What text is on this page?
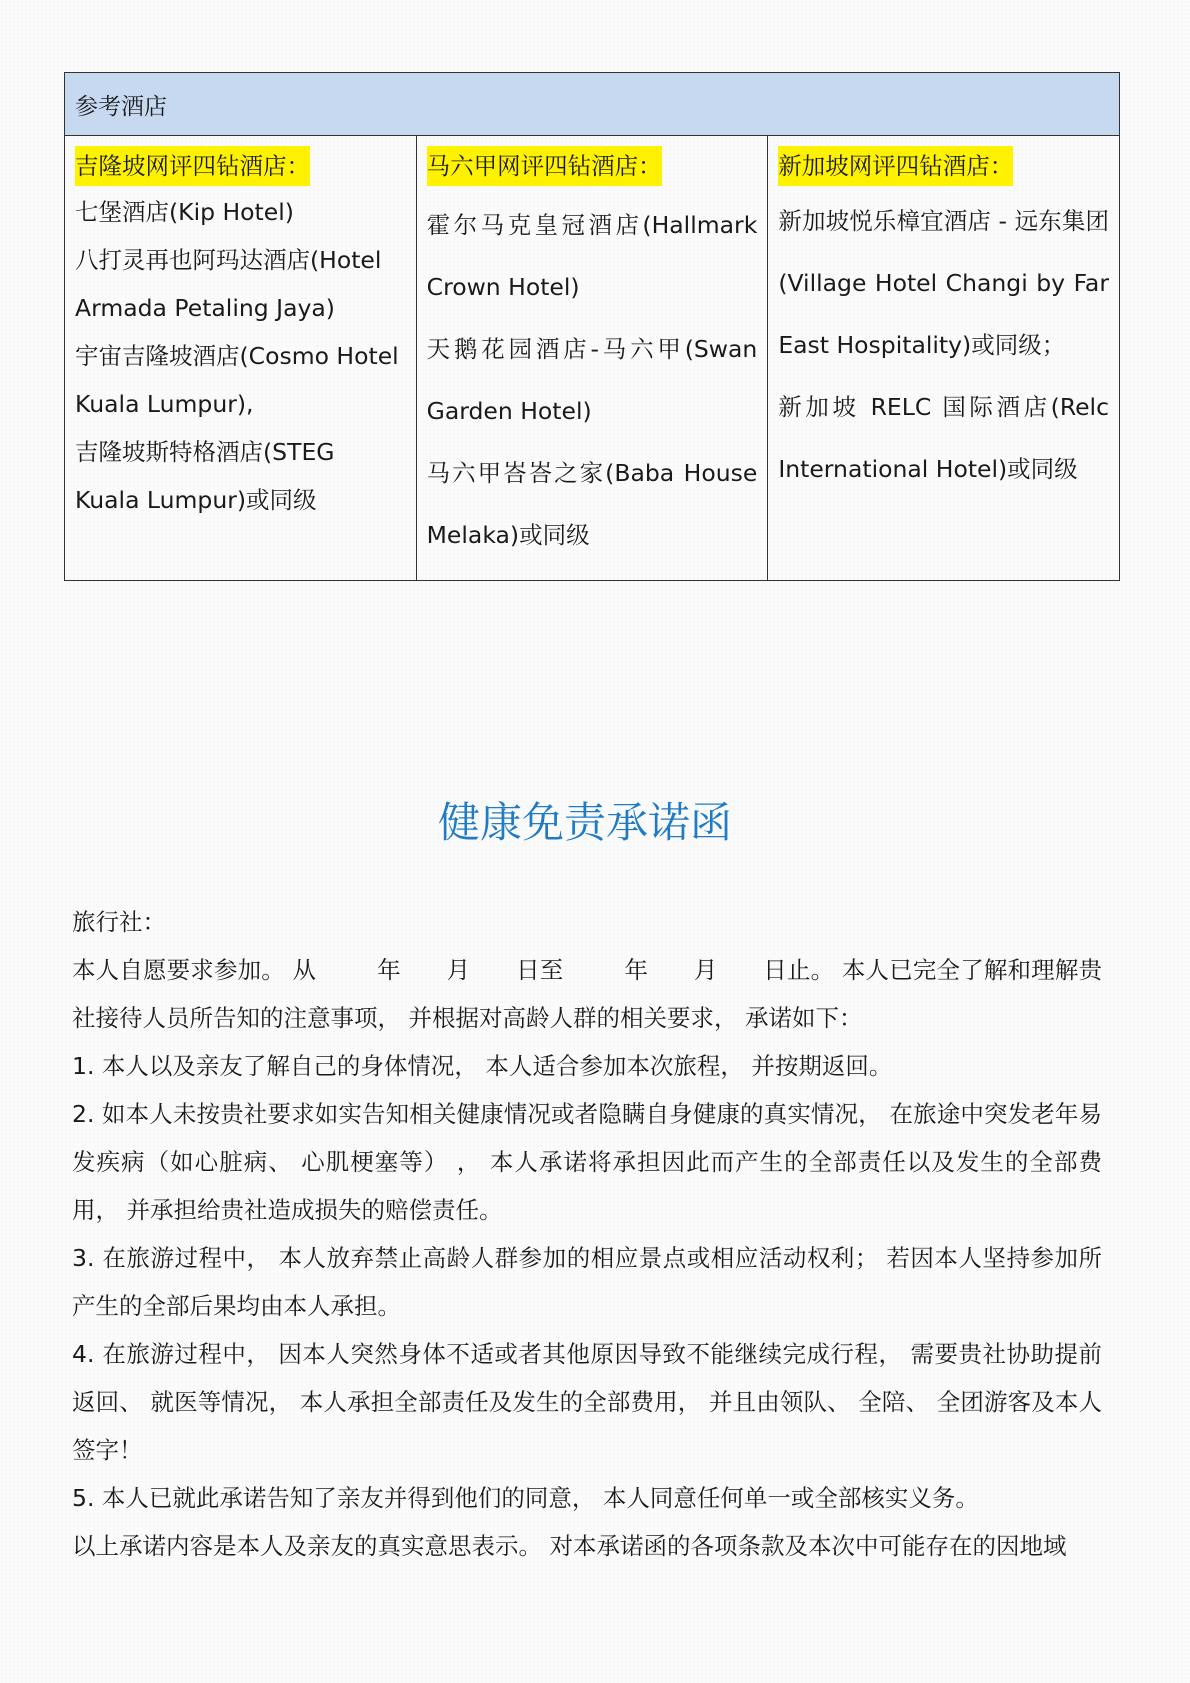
参考酒店
吉隆坡网评四钻酒店：
七堡酒店(Kip Hotel)
八打灵再也阿玛达酒店(Hotel Armada Petaling Jaya)
宇宙吉隆坡酒店(Cosmo Hotel Kuala Lumpur),
吉隆坡斯特格酒店(STEG Kuala Lumpur)或同级
	马六甲网评四钻酒店：
霍尔马克皇冠酒店(Hallmark Crown Hotel)
天鹅花园酒店-马六甲(Swan Garden Hotel)
马六甲峇峇之家(Baba House Melaka)或同级
	新加坡网评四钻酒店：
新加坡悦乐樟宜酒店 - 远东集团 (Village Hotel Changi by Far East Hospitality)或同级；
新加坡 RELC 国际酒店(Relc International Hotel)或同级
健康免责承诺函

旅行社：

本人自愿要求参加。 从        年      月      日至        年      月      日止。 本人已完全了解和理解贵社接待人员所告知的注意事项， 并根据对高龄人群的相关要求， 承诺如下：

1. 本人以及亲友了解自己的身体情况， 本人适合参加本次旅程， 并按期返回。

2. 如本人未按贵社要求如实告知相关健康情况或者隐瞒自身健康的真实情况， 在旅途中突发老年易发疾病（如心脏病、 心肌梗塞等） ， 本人承诺将承担因此而产生的全部责任以及发生的全部费用， 并承担给贵社造成损失的赔偿责任。

3. 在旅游过程中， 本人放弃禁止高龄人群参加的相应景点或相应活动权利； 若因本人坚持参加所产生的全部后果均由本人承担。

4. 在旅游过程中， 因本人突然身体不适或者其他原因导致不能继续完成行程， 需要贵社协助提前返回、 就医等情况， 本人承担全部责任及发生的全部费用， 并且由领队、 全陪、 全团游客及本人签字！

5. 本人已就此承诺告知了亲友并得到他们的同意， 本人同意任何单一或全部核实义务。

以上承诺内容是本人及亲友的真实意思表示。 对本承诺函的各项条款及本次中可能存在的因地域
